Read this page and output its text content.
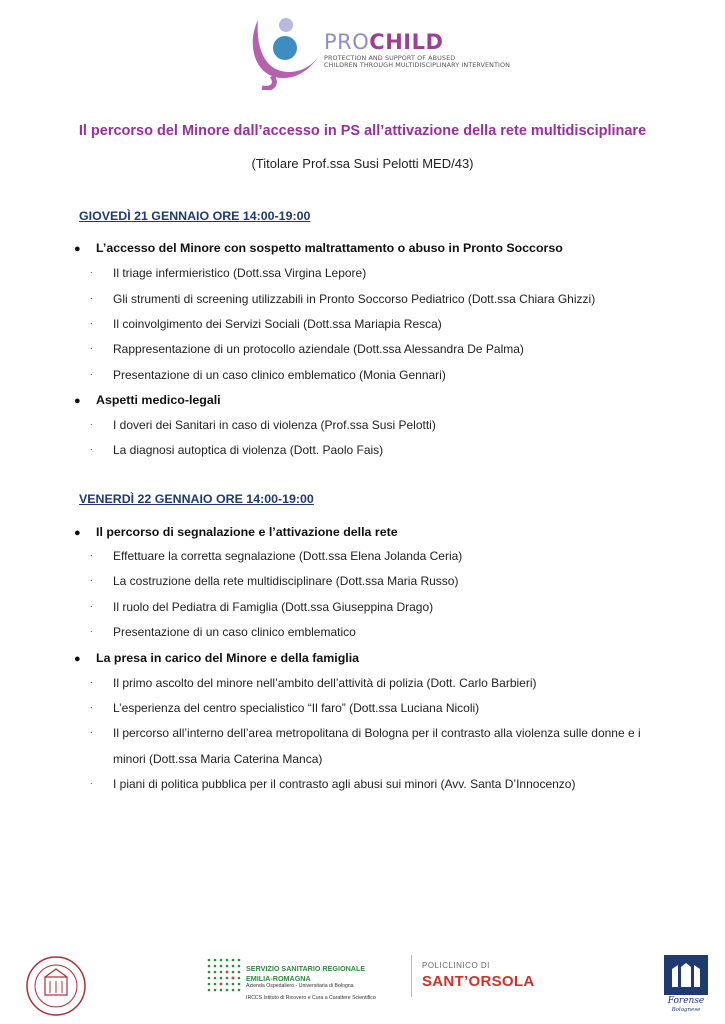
PROCHILD
PROTECTION AND SUPPORT OF ABUSED
CHILDREN THROUGH MULTIDISCIPLINARY INTERVENTION
Il percorso del Minore dall’accesso in PS all’attivazione della rete multidisciplinare
(Titolare Prof.ssa Susi Pelotti MED/43)
GIOVEDÌ 21 GENNAIO ORE 14:00-19:00
● L’accesso del Minore con sospetto maltrattamento o abuso in Pronto Soccorso
· Il triage infermieristico (Dott.ssa Virgina Lepore)
· Gli strumenti di screening utilizzabili in Pronto Soccorso Pediatrico (Dott.ssa Chiara Ghizzi)
· Il coinvolgimento dei Servizi Sociali (Dott.ssa Mariapia Resca)
· Rappresentazione di un protocollo aziendale (Dott.ssa Alessandra De Palma)
· Presentazione di un caso clinico emblematico (Monia Gennari)
● Aspetti medico-legali
· I doveri dei Sanitari in caso di violenza (Prof.ssa Susi Pelotti)
· La diagnosi autoptica di violenza (Dott. Paolo Fais)
VENERDÌ 22 GENNAIO ORE 14:00-19:00
● Il percorso di segnalazione e l’attivazione della rete
· Effettuare la corretta segnalazione (Dott.ssa Elena Jolanda Ceria)
· La costruzione della rete multidisciplinare (Dott.ssa Maria Russo)
· Il ruolo del Pediatra di Famiglia (Dott.ssa Giuseppina Drago)
· Presentazione di un caso clinico emblematico
● La presa in carico del Minore e della famiglia
· Il primo ascolto del minore nell’ambito dell’attività di polizia (Dott. Carlo Barbieri)
· L’esperienza del centro specialistico “Il faro” (Dott.ssa Luciana Nicoli)
· Il percorso all’interno dell’area metropolitana di Bologna per il contrasto alla violenza sulle donne e i
minori (Dott.ssa Maria Caterina Manca)
· I piani di politica pubblica per il contrasto agli abusi sui minori (Avv. Santa D’Innocenzo)
SERVIZIO SANITARIO REGIONALE
EMILIA-ROMAGNA
Azienda Ospedaliero - Universitaria di Bologna
IRCCS Istituto di Ricovero e Cura a Carattere Scientifico
POLICLINICO DI
SANT’ORSOLA
Forense
Bolognese
